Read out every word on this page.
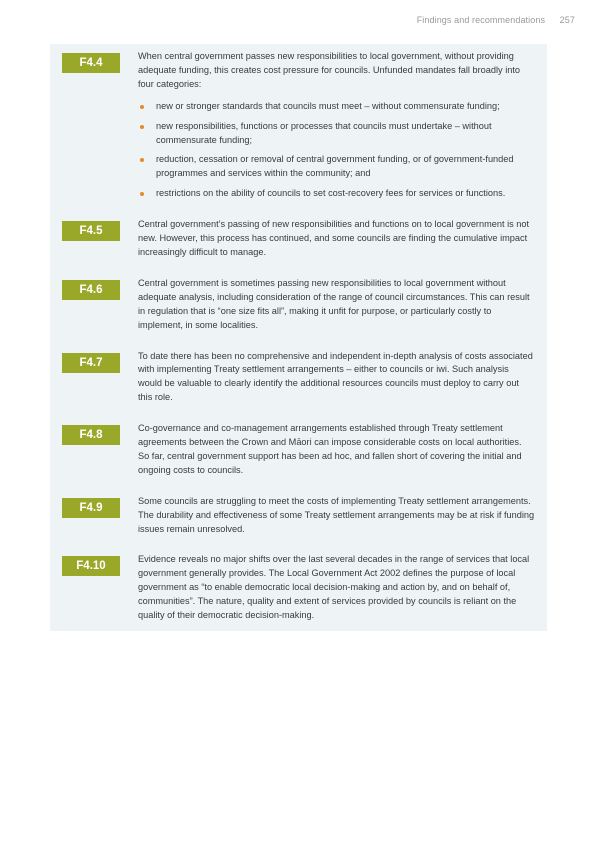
Findings and recommendations 257
F4.4

When central government passes new responsibilities to local government, without providing adequate funding, this creates cost pressure for councils. Unfunded mandates fall broadly into four categories:

new or stronger standards that councils must meet – without commensurate funding;
new responsibilities, functions or processes that councils must undertake – without commensurate funding;
reduction, cessation or removal of central government funding, or of government-funded programmes and services within the community; and
restrictions on the ability of councils to set cost-recovery fees for services or functions.
F4.5

Central government’s passing of new responsibilities and functions on to local government is not new. However, this process has continued, and some councils are finding the cumulative impact increasingly difficult to manage.

F4.6

Central government is sometimes passing new responsibilities to local government without adequate analysis, including consideration of the range of council circumstances. This can result in regulation that is “one size fits all”, making it unfit for purpose, or particularly costly to implement, in some localities.

F4.7

To date there has been no comprehensive and independent in-depth analysis of costs associated with implementing Treaty settlement arrangements – either to councils or iwi. Such analysis would be valuable to clearly identify the additional resources councils must deploy to carry out this role.

F4.8

Co-governance and co-management arrangements established through Treaty settlement agreements between the Crown and Māori can impose considerable costs on local authorities. So far, central government support has been ad hoc, and fallen short of covering the initial and ongoing costs to councils.

F4.9

Some councils are struggling to meet the costs of implementing Treaty settlement arrangements. The durability and effectiveness of some Treaty settlement arrangements may be at risk if funding issues remain unresolved.

F4.10

Evidence reveals no major shifts over the last several decades in the range of services that local government generally provides. The Local Government Act 2002 defines the purpose of local government as “to enable democratic local decision-making and action by, and on behalf of, communities”. The nature, quality and extent of services provided by councils is reliant on the quality of their democratic decision-making.
